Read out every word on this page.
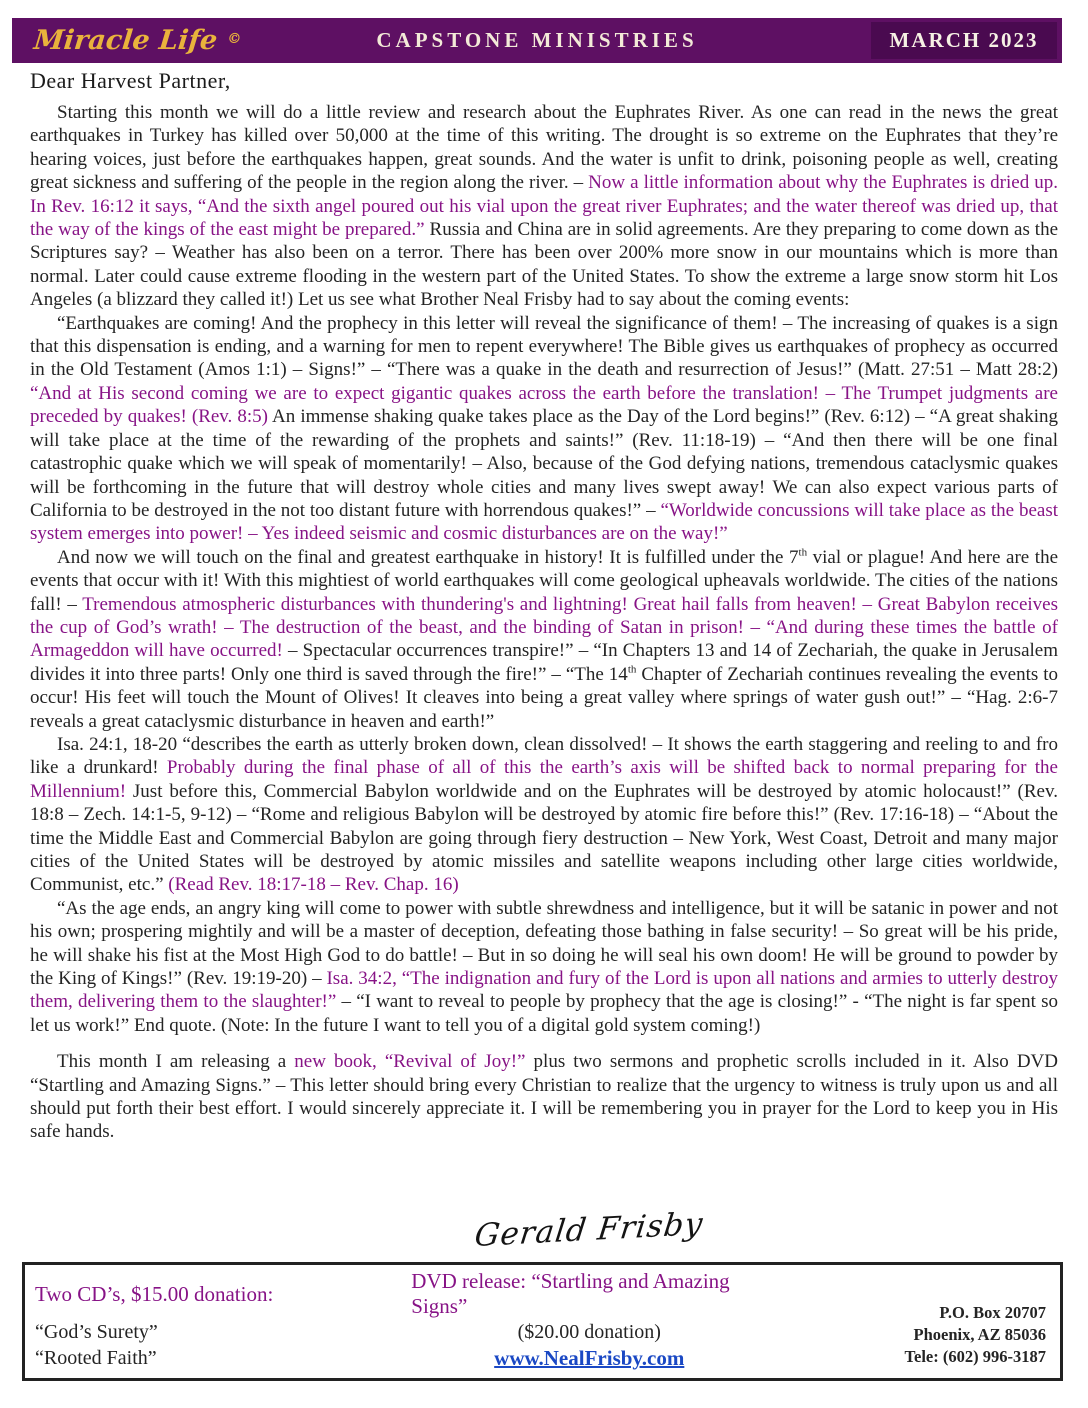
Miracle Life ©	CAPSTONE MINISTRIES	MARCH 2023
Dear Harvest Partner,

Starting this month we will do a little review and research about the Euphrates River. As one can read in the news the great earthquakes in Turkey has killed over 50,000 at the time of this writing. The drought is so extreme on the Euphrates that they’re hearing voices, just before the earthquakes happen, great sounds. And the water is unfit to drink, poisoning people as well, creating great sickness and suffering of the people in the region along the river. – Now a little information about why the Euphrates is dried up. In Rev. 16:12 it says, “And the sixth angel poured out his vial upon the great river Euphrates; and the water thereof was dried up, that the way of the kings of the east might be prepared.” Russia and China are in solid agreements. Are they preparing to come down as the Scriptures say? – Weather has also been on a terror. There has been over 200% more snow in our mountains which is more than normal. Later could cause extreme flooding in the western part of the United States. To show the extreme a large snow storm hit Los Angeles (a blizzard they called it!) Let us see what Brother Neal Frisby had to say about the coming events:

“Earthquakes are coming! And the prophecy in this letter will reveal the significance of them! – The increasing of quakes is a sign that this dispensation is ending, and a warning for men to repent everywhere! The Bible gives us earthquakes of prophecy as occurred in the Old Testament (Amos 1:1) – Signs!” – “There was a quake in the death and resurrection of Jesus!” (Matt. 27:51 – Matt 28:2) “And at His second coming we are to expect gigantic quakes across the earth before the translation! – The Trumpet judgments are preceded by quakes! (Rev. 8:5) An immense shaking quake takes place as the Day of the Lord begins!” (Rev. 6:12) – “A great shaking will take place at the time of the rewarding of the prophets and saints!” (Rev. 11:18-19) – “And then there will be one final catastrophic quake which we will speak of momentarily! – Also, because of the God defying nations, tremendous cataclysmic quakes will be forthcoming in the future that will destroy whole cities and many lives swept away! We can also expect various parts of California to be destroyed in the not too distant future with horrendous quakes!” – “Worldwide concussions will take place as the beast system emerges into power! – Yes indeed seismic and cosmic disturbances are on the way!”

And now we will touch on the final and greatest earthquake in history! It is fulfilled under the 7th vial or plague! And here are the events that occur with it! With this mightiest of world earthquakes will come geological upheavals worldwide. The cities of the nations fall! – Tremendous atmospheric disturbances with thundering's and lightning! Great hail falls from heaven! – Great Babylon receives the cup of God’s wrath! – The destruction of the beast, and the binding of Satan in prison! – “And during these times the battle of Armageddon will have occurred! – Spectacular occurrences transpire!” – “In Chapters 13 and 14 of Zechariah, the quake in Jerusalem divides it into three parts! Only one third is saved through the fire!” – “The 14th Chapter of Zechariah continues revealing the events to occur! His feet will touch the Mount of Olives! It cleaves into being a great valley where springs of water gush out!” – “Hag. 2:6-7 reveals a great cataclysmic disturbance in heaven and earth!”

Isa. 24:1, 18-20 “describes the earth as utterly broken down, clean dissolved! – It shows the earth staggering and reeling to and fro like a drunkard! Probably during the final phase of all of this the earth’s axis will be shifted back to normal preparing for the Millennium! Just before this, Commercial Babylon worldwide and on the Euphrates will be destroyed by atomic holocaust!” (Rev. 18:8 – Zech. 14:1-5, 9-12) – “Rome and religious Babylon will be destroyed by atomic fire before this!” (Rev. 17:16-18) – “About the time the Middle East and Commercial Babylon are going through fiery destruction – New York, West Coast, Detroit and many major cities of the United States will be destroyed by atomic missiles and satellite weapons including other large cities worldwide, Communist, etc.” (Read Rev. 18:17-18 – Rev. Chap. 16)

“As the age ends, an angry king will come to power with subtle shrewdness and intelligence, but it will be satanic in power and not his own; prospering mightily and will be a master of deception, defeating those bathing in false security! – So great will be his pride, he will shake his fist at the Most High God to do battle! – But in so doing he will seal his own doom! He will be ground to powder by the King of Kings!” (Rev. 19:19-20) – Isa. 34:2, “The indignation and fury of the Lord is upon all nations and armies to utterly destroy them, delivering them to the slaughter!” – “I want to reveal to people by prophecy that the age is closing!” - “The night is far spent so let us work!” End quote. (Note: In the future I want to tell you of a digital gold system coming!)

This month I am releasing a new book, “Revival of Joy!” plus two sermons and prophetic scrolls included in it. Also DVD “Startling and Amazing Signs.” – This letter should bring every Christian to realize that the urgency to witness is truly upon us and all should put forth their best effort. I would sincerely appreciate it. I will be remembering you in prayer for the Lord to keep you in His safe hands.

Gerald Frisby
Two CD’s, $15.00 donation:
DVD release: “Startling and Amazing Signs”
“God’s Surety”	($20.00 donation)
“Rooted Faith”	www.NealFrisby.com
P.O. Box 20707
Phoenix, AZ 85036
Tele: (602) 996-3187
